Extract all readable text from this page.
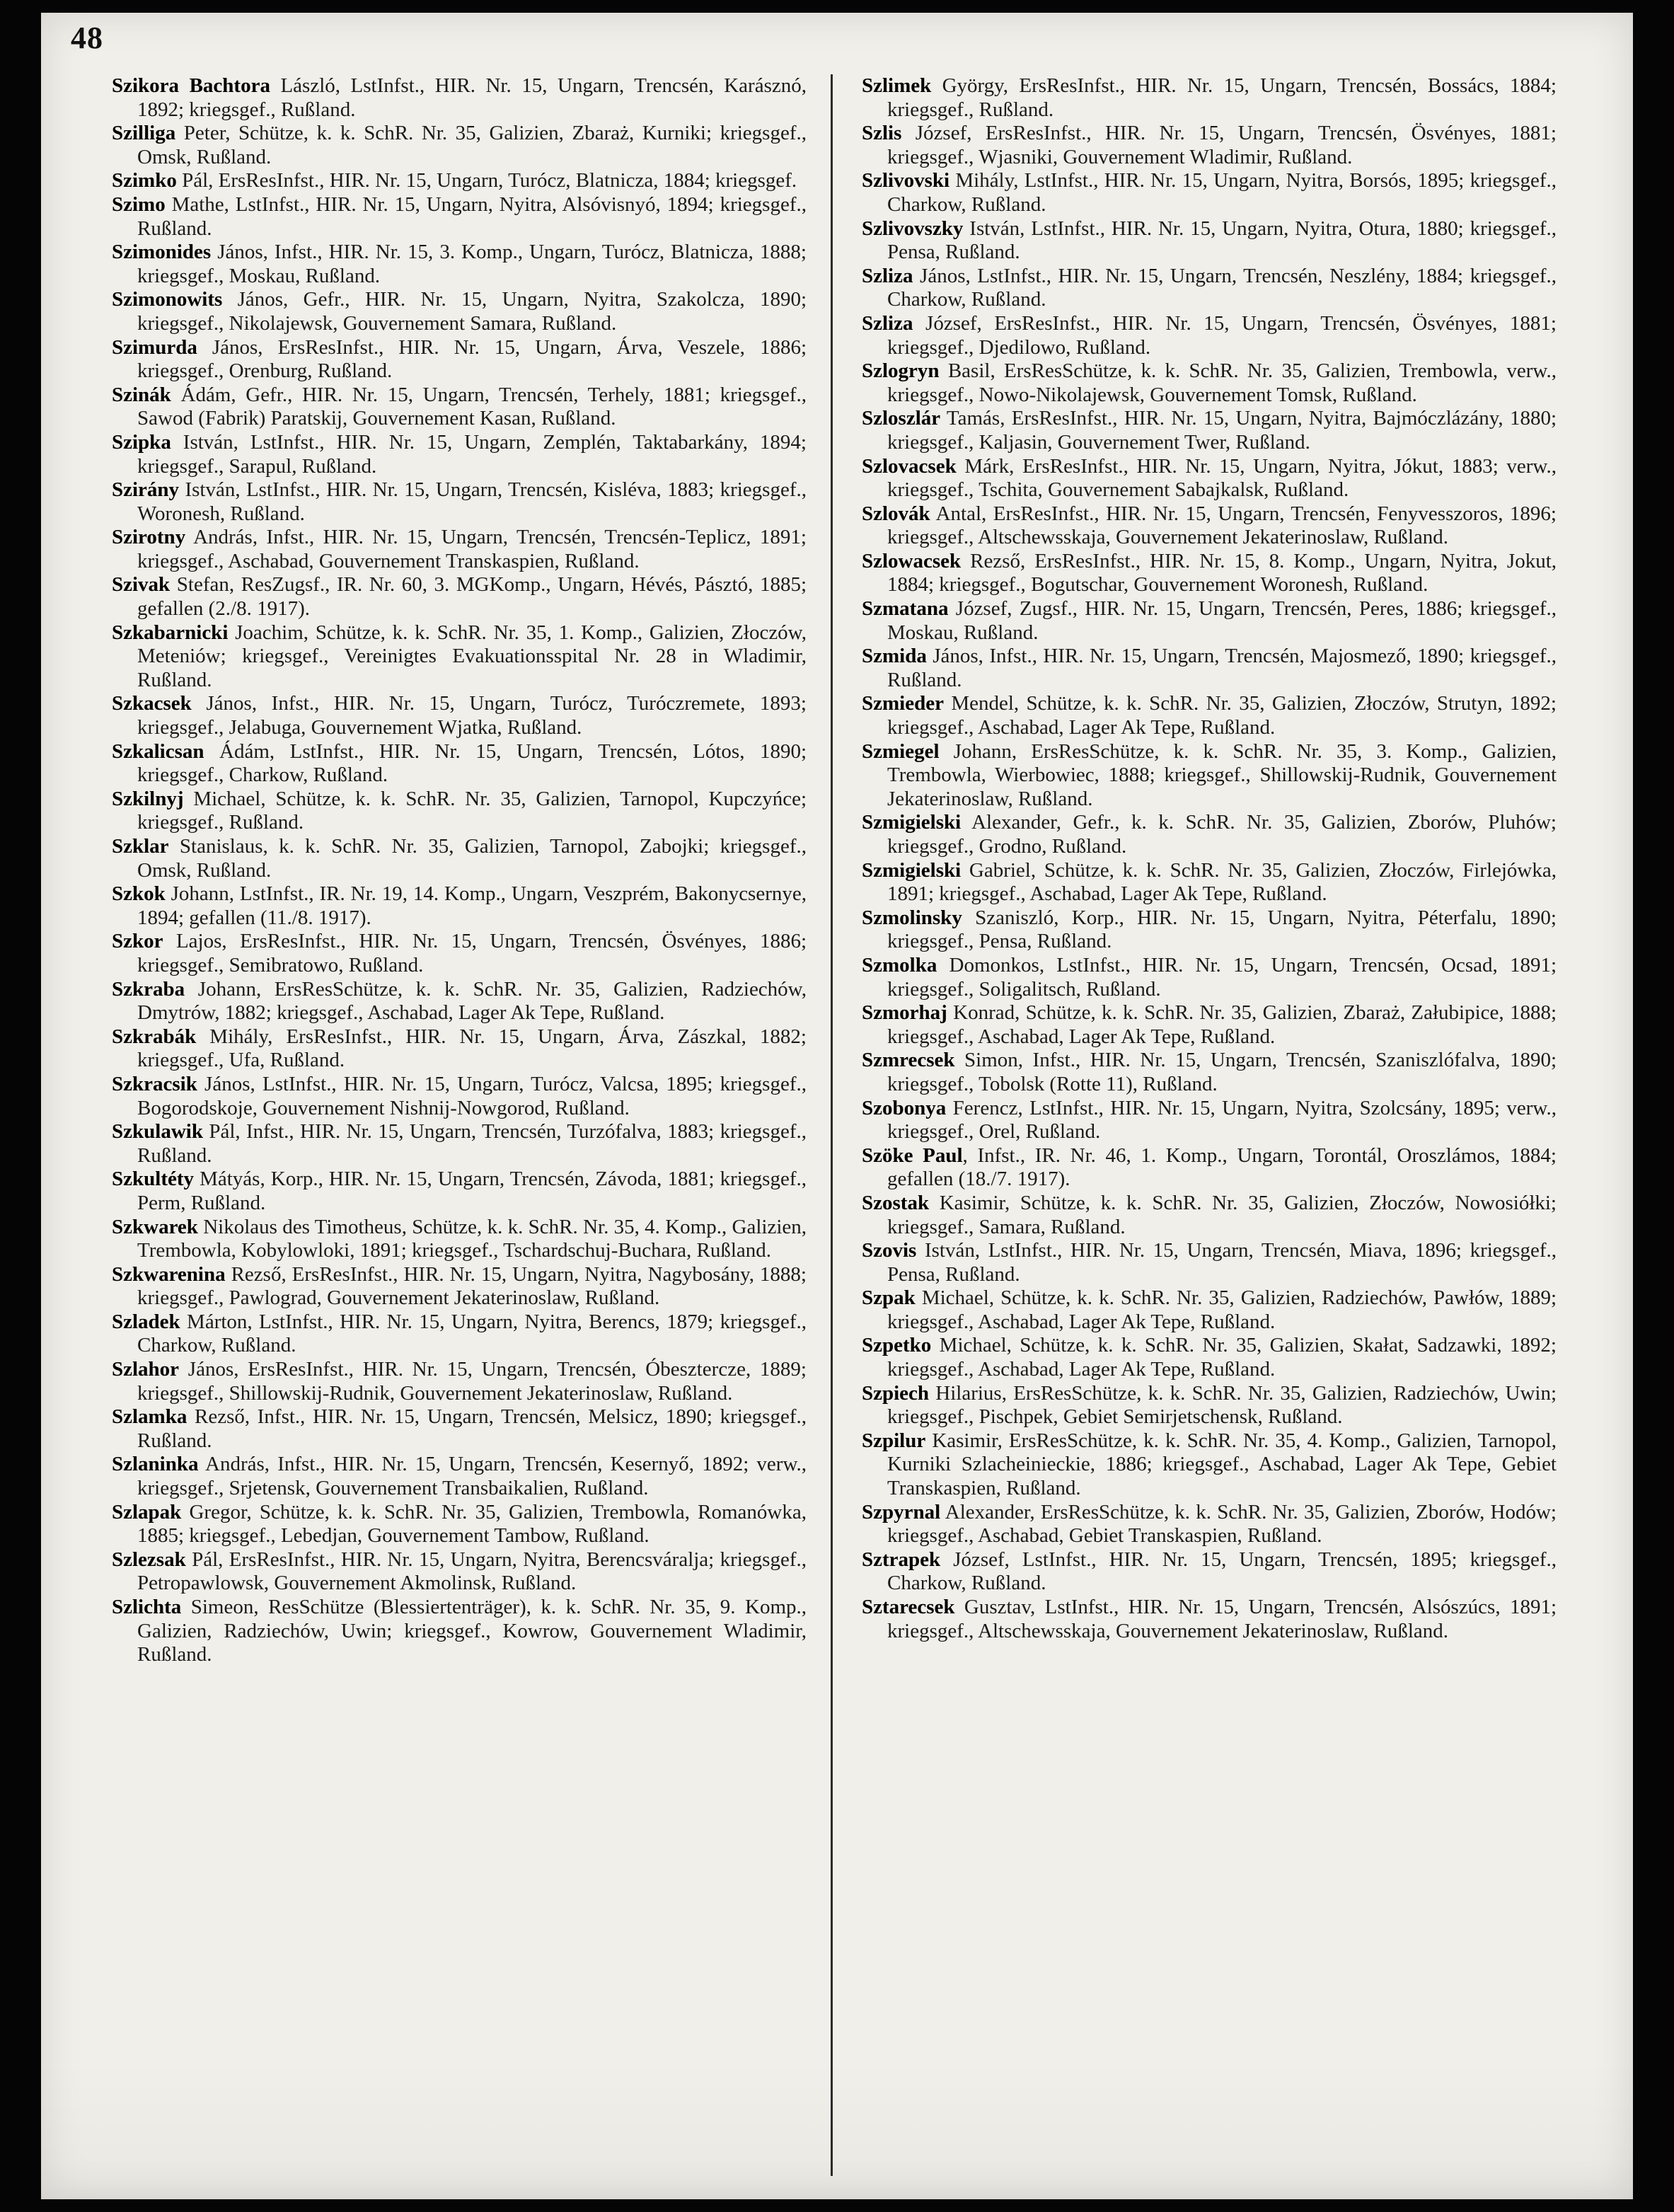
48

Szikora Bachtora László, LstInfst., HIR. Nr. 15, Ungarn, Trencsén, Karásznó, 1892; kriegsgef., Rußland.

Szilliga Peter, Schütze, k. k. SchR. Nr. 35, Galizien, Zbaraż, Kurniki; kriegsgef., Omsk, Rußland.

Szimko Pál, ErsResInfst., HIR. Nr. 15, Ungarn, Turócz, Blatnicza, 1884; kriegsgef.

Szimo Mathe, LstInfst., HIR. Nr. 15, Ungarn, Nyitra, Alsóvisnyó, 1894; kriegsgef., Rußland.

Szimonides János, Infst., HIR. Nr. 15, 3. Komp., Ungarn, Turócz, Blatnicza, 1888; kriegsgef., Moskau, Rußland.

Szimonowits János, Gefr., HIR. Nr. 15, Ungarn, Nyitra, Szakolcza, 1890; kriegsgef., Nikolajewsk, Gouvernement Samara, Rußland.

Szimurda János, ErsResInfst., HIR. Nr. 15, Ungarn, Árva, Veszele, 1886; kriegsgef., Orenburg, Rußland.

Szinák Ádám, Gefr., HIR. Nr. 15, Ungarn, Trencsén, Terhely, 1881; kriegsgef., Sawod (Fabrik) Paratskij, Gouvernement Kasan, Rußland.

Szipka István, LstInfst., HIR. Nr. 15, Ungarn, Zemplén, Taktabarkány, 1894; kriegsgef., Sarapul, Rußland.

Szirány István, LstInfst., HIR. Nr. 15, Ungarn, Trencsén, Kisléva, 1883; kriegsgef., Woronesh, Rußland.

Szirotny András, Infst., HIR. Nr. 15, Ungarn, Trencsén, Trencsén-Teplicz, 1891; kriegsgef., Aschabad, Gouvernement Transkaspien, Rußland.

Szivak Stefan, ResZugsf., IR. Nr. 60, 3. MGKomp., Ungarn, Hévés, Pásztó, 1885; gefallen (2./8. 1917).

Szkabarnicki Joachim, Schütze, k. k. SchR. Nr. 35, 1. Komp., Galizien, Złoczów, Meteniów; kriegsgef., Vereinigtes Evakuationsspital Nr. 28 in Wladimir, Rußland.

Szkacsek János, Infst., HIR. Nr. 15, Ungarn, Turócz, Turóczremete, 1893; kriegsgef., Jelabuga, Gouvernement Wjatka, Rußland.

Szkalicsan Ádám, LstInfst., HIR. Nr. 15, Ungarn, Trencsén, Lótos, 1890; kriegsgef., Charkow, Rußland.

Szkilnyj Michael, Schütze, k. k. SchR. Nr. 35, Galizien, Tarnopol, Kupczyńce; kriegsgef., Rußland.

Szklar Stanislaus, k. k. SchR. Nr. 35, Galizien, Tarnopol, Zabojki; kriegsgef., Omsk, Rußland.

Szkok Johann, LstInfst., IR. Nr. 19, 14. Komp., Ungarn, Veszprém, Bakonycsernye, 1894; gefallen (11./8. 1917).

Szkor Lajos, ErsResInfst., HIR. Nr. 15, Ungarn, Trencsén, Ösvényes, 1886; kriegsgef., Semibratowo, Rußland.

Szkraba Johann, ErsResSchütze, k. k. SchR. Nr. 35, Galizien, Radziechów, Dmytrów, 1882; kriegsgef., Aschabad, Lager Ak Tepe, Rußland.

Szkrabák Mihály, ErsResInfst., HIR. Nr. 15, Ungarn, Árva, Zászkal, 1882; kriegsgef., Ufa, Rußland.

Szkracsik János, LstInfst., HIR. Nr. 15, Ungarn, Turócz, Valcsa, 1895; kriegsgef., Bogorodskoje, Gouvernement Nishnij-Nowgorod, Rußland.

Szkulawik Pál, Infst., HIR. Nr. 15, Ungarn, Trencsén, Turzófalva, 1883; kriegsgef., Rußland.

Szkultéty Mátyás, Korp., HIR. Nr. 15, Ungarn, Trencsén, Závoda, 1881; kriegsgef., Perm, Rußland.

Szkwarek Nikolaus des Timotheus, Schütze, k. k. SchR. Nr. 35, 4. Komp., Galizien, Trembowla, Kobylowloki, 1891; kriegsgef., Tschardschuj-Buchara, Rußland.

Szkwarenina Rezső, ErsResInfst., HIR. Nr. 15, Ungarn, Nyitra, Nagybosány, 1888; kriegsgef., Pawlograd, Gouvernement Jekaterinoslaw, Rußland.

Szladek Márton, LstInfst., HIR. Nr. 15, Ungarn, Nyitra, Berencs, 1879; kriegsgef., Charkow, Rußland.

Szlahor János, ErsResInfst., HIR. Nr. 15, Ungarn, Trencsén, Óbesztercze, 1889; kriegsgef., Shillowskij-Rudnik, Gouvernement Jekaterinoslaw, Rußland.

Szlamka Rezső, Infst., HIR. Nr. 15, Ungarn, Trencsén, Melsicz, 1890; kriegsgef., Rußland.

Szlaninka András, Infst., HIR. Nr. 15, Ungarn, Trencsén, Kesernyő, 1892; verw., kriegsgef., Srjetensk, Gouvernement Transbaikalien, Rußland.

Szlapak Gregor, Schütze, k. k. SchR. Nr. 35, Galizien, Trembowla, Romanówka, 1885; kriegsgef., Lebedjan, Gouvernement Tambow, Rußland.

Szlezsak Pál, ErsResInfst., HIR. Nr. 15, Ungarn, Nyitra, Berencsváralja; kriegsgef., Petropawlowsk, Gouvernement Akmolinsk, Rußland.

Szlichta Simeon, ResSchütze (Blessiertenträger), k. k. SchR. Nr. 35, 9. Komp., Galizien, Radziechów, Uwin; kriegsgef., Kowrow, Gouvernement Wladimir, Rußland.

Szlimek György, ErsResInfst., HIR. Nr. 15, Ungarn, Trencsén, Bossács, 1884; kriegsgef., Rußland.

Szlis József, ErsResInfst., HIR. Nr. 15, Ungarn, Trencsén, Ösvényes, 1881; kriegsgef., Wjasniki, Gouvernement Wladimir, Rußland.

Szlivovski Mihály, LstInfst., HIR. Nr. 15, Ungarn, Nyitra, Borsós, 1895; kriegsgef., Charkow, Rußland.

Szlivovszky István, LstInfst., HIR. Nr. 15, Ungarn, Nyitra, Otura, 1880; kriegsgef., Pensa, Rußland.

Szliza János, LstInfst., HIR. Nr. 15, Ungarn, Trencsén, Neszlény, 1884; kriegsgef., Charkow, Rußland.

Szliza József, ErsResInfst., HIR. Nr. 15, Ungarn, Trencsén, Ösvényes, 1881; kriegsgef., Djedilowo, Rußland.

Szlogryn Basil, ErsResSchütze, k. k. SchR. Nr. 35, Galizien, Trembowla, verw., kriegsgef., Nowo-Nikolajewsk, Gouvernement Tomsk, Rußland.

Szloszlár Tamás, ErsResInfst., HIR. Nr. 15, Ungarn, Nyitra, Bajmóczlázány, 1880; kriegsgef., Kaljasin, Gouvernement Twer, Rußland.

Szlovacsek Márk, ErsResInfst., HIR. Nr. 15, Ungarn, Nyitra, Jókut, 1883; verw., kriegsgef., Tschita, Gouvernement Sabajkalsk, Rußland.

Szlovák Antal, ErsResInfst., HIR. Nr. 15, Ungarn, Trencsén, Fenyvesszoros, 1896; kriegsgef., Altschewsskaja, Gouvernement Jekaterinoslaw, Rußland.

Szlowacsek Rezső, ErsResInfst., HIR. Nr. 15, 8. Komp., Ungarn, Nyitra, Jokut, 1884; kriegsgef., Bogutschar, Gouvernement Woronesh, Rußland.

Szmatana József, Zugsf., HIR. Nr. 15, Ungarn, Trencsén, Peres, 1886; kriegsgef., Moskau, Rußland.

Szmida János, Infst., HIR. Nr. 15, Ungarn, Trencsén, Majosmező, 1890; kriegsgef., Rußland.

Szmieder Mendel, Schütze, k. k. SchR. Nr. 35, Galizien, Złoczów, Strutyn, 1892; kriegsgef., Aschabad, Lager Ak Tepe, Rußland.

Szmiegel Johann, ErsResSchütze, k. k. SchR. Nr. 35, 3. Komp., Galizien, Trembowla, Wierbowiec, 1888; kriegsgef., Shillowskij-Rudnik, Gouvernement Jekaterinoslaw, Rußland.

Szmigielski Alexander, Gefr., k. k. SchR. Nr. 35, Galizien, Zborów, Pluhów; kriegsgef., Grodno, Rußland.

Szmigielski Gabriel, Schütze, k. k. SchR. Nr. 35, Galizien, Złoczów, Firlejówka, 1891; kriegsgef., Aschabad, Lager Ak Tepe, Rußland.

Szmolinsky Szaniszló, Korp., HIR. Nr. 15, Ungarn, Nyitra, Péterfalu, 1890; kriegsgef., Pensa, Rußland.

Szmolka Domonkos, LstInfst., HIR. Nr. 15, Ungarn, Trencsén, Ocsad, 1891; kriegsgef., Soligalitsch, Rußland.

Szmorhaj Konrad, Schütze, k. k. SchR. Nr. 35, Galizien, Zbaraż, Załubipice, 1888; kriegsgef., Aschabad, Lager Ak Tepe, Rußland.

Szmrecsek Simon, Infst., HIR. Nr. 15, Ungarn, Trencsén, Szaniszlófalva, 1890; kriegsgef., Tobolsk (Rotte 11), Rußland.

Szobonya Ferencz, LstInfst., HIR. Nr. 15, Ungarn, Nyitra, Szolcsány, 1895; verw., kriegsgef., Orel, Rußland.

Szöke Paul, Infst., IR. Nr. 46, 1. Komp., Ungarn, Torontál, Oroszlámos, 1884; gefallen (18./7. 1917).

Szostak Kasimir, Schütze, k. k. SchR. Nr. 35, Galizien, Złoczów, Nowosiółki; kriegsgef., Samara, Rußland.

Szovis István, LstInfst., HIR. Nr. 15, Ungarn, Trencsén, Miava, 1896; kriegsgef., Pensa, Rußland.

Szpak Michael, Schütze, k. k. SchR. Nr. 35, Galizien, Radziechów, Pawłów, 1889; kriegsgef., Aschabad, Lager Ak Tepe, Rußland.

Szpetko Michael, Schütze, k. k. SchR. Nr. 35, Galizien, Skałat, Sadzawki, 1892; kriegsgef., Aschabad, Lager Ak Tepe, Rußland.

Szpiech Hilarius, ErsResSchütze, k. k. SchR. Nr. 35, Galizien, Radziechów, Uwin; kriegsgef., Pischpek, Gebiet Semirjetschensk, Rußland.

Szpilur Kasimir, ErsResSchütze, k. k. SchR. Nr. 35, 4. Komp., Galizien, Tarnopol, Kurniki Szlacheinieckie, 1886; kriegsgef., Aschabad, Lager Ak Tepe, Gebiet Transkaspien, Rußland.

Szpyrnal Alexander, ErsResSchütze, k. k. SchR. Nr. 35, Galizien, Zborów, Hodów; kriegsgef., Aschabad, Gebiet Transkaspien, Rußland.

Sztrapek József, LstInfst., HIR. Nr. 15, Ungarn, Trencsén, 1895; kriegsgef., Charkow, Rußland.

Sztarecsek Gusztav, LstInfst., HIR. Nr. 15, Ungarn, Trencsén, Alsószúcs, 1891; kriegsgef., Altschewsskaja, Gouvernement Jekaterinoslaw, Rußland.
